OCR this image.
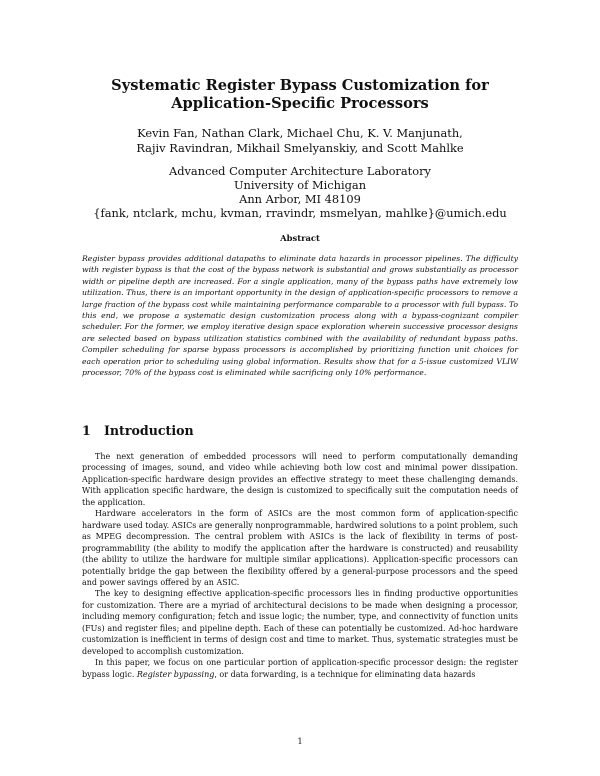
Systematic Register Bypass Customization for
Application-Specific Processors
Kevin Fan, Nathan Clark, Michael Chu, K. V. Manjunath,
Rajiv Ravindran, Mikhail Smelyanskiy, and Scott Mahlke
Advanced Computer Architecture Laboratory
University of Michigan
Ann Arbor, MI 48109
{fank, ntclark, mchu, kvman, rravindr, msmelyan, mahlke}@umich.edu
Abstract
Register bypass provides additional datapaths to eliminate data hazards in processor pipelines. The difficulty with register bypass is that the cost of the bypass network is substantial and grows substantially as processor width or pipeline depth are increased. For a single application, many of the bypass paths have extremely low utilization. Thus, there is an important opportunity in the design of application-specific processors to remove a large fraction of the bypass cost while maintaining performance comparable to a processor with full bypass. To this end, we propose a systematic design customization process along with a bypass-cognizant compiler scheduler. For the former, we employ iterative design space exploration wherein successive processor designs are selected based on bypass utilization statistics combined with the availability of redundant bypass paths. Compiler scheduling for sparse bypass processors is accomplished by prioritizing function unit choices for each operation prior to scheduling using global information. Results show that for a 5-issue customized VLIW processor, 70% of the bypass cost is eliminated while sacrificing only 10% performance.
1 Introduction

The next generation of embedded processors will need to perform computationally demanding processing of images, sound, and video while achieving both low cost and minimal power dissipation. Application-specific hardware design provides an effective strategy to meet these challenging demands. With application specific hardware, the design is customized to specifically suit the computation needs of the application.

Hardware accelerators in the form of ASICs are the most common form of application-specific hardware used today. ASICs are generally nonprogrammable, hardwired solutions to a point problem, such as MPEG decompression. The central problem with ASICs is the lack of flexibility in terms of post-programmability (the ability to modify the application after the hardware is constructed) and reusability (the ability to utilize the hardware for multiple similar applications). Application-specific processors can potentially bridge the gap between the flexibility offered by a general-purpose processors and the speed and power savings offered by an ASIC.

The key to designing effective application-specific processors lies in finding productive opportunities for customization. There are a myriad of architectural decisions to be made when designing a processor, including memory configuration; fetch and issue logic; the number, type, and connectivity of function units (FUs) and register files; and pipeline depth. Each of these can potentially be customized. Ad-hoc hardware customization is inefficient in terms of design cost and time to market. Thus, systematic strategies must be developed to accomplish customization.

In this paper, we focus on one particular portion of application-specific processor design: the register bypass logic. Register bypassing, or data forwarding, is a technique for eliminating data hazards

1
